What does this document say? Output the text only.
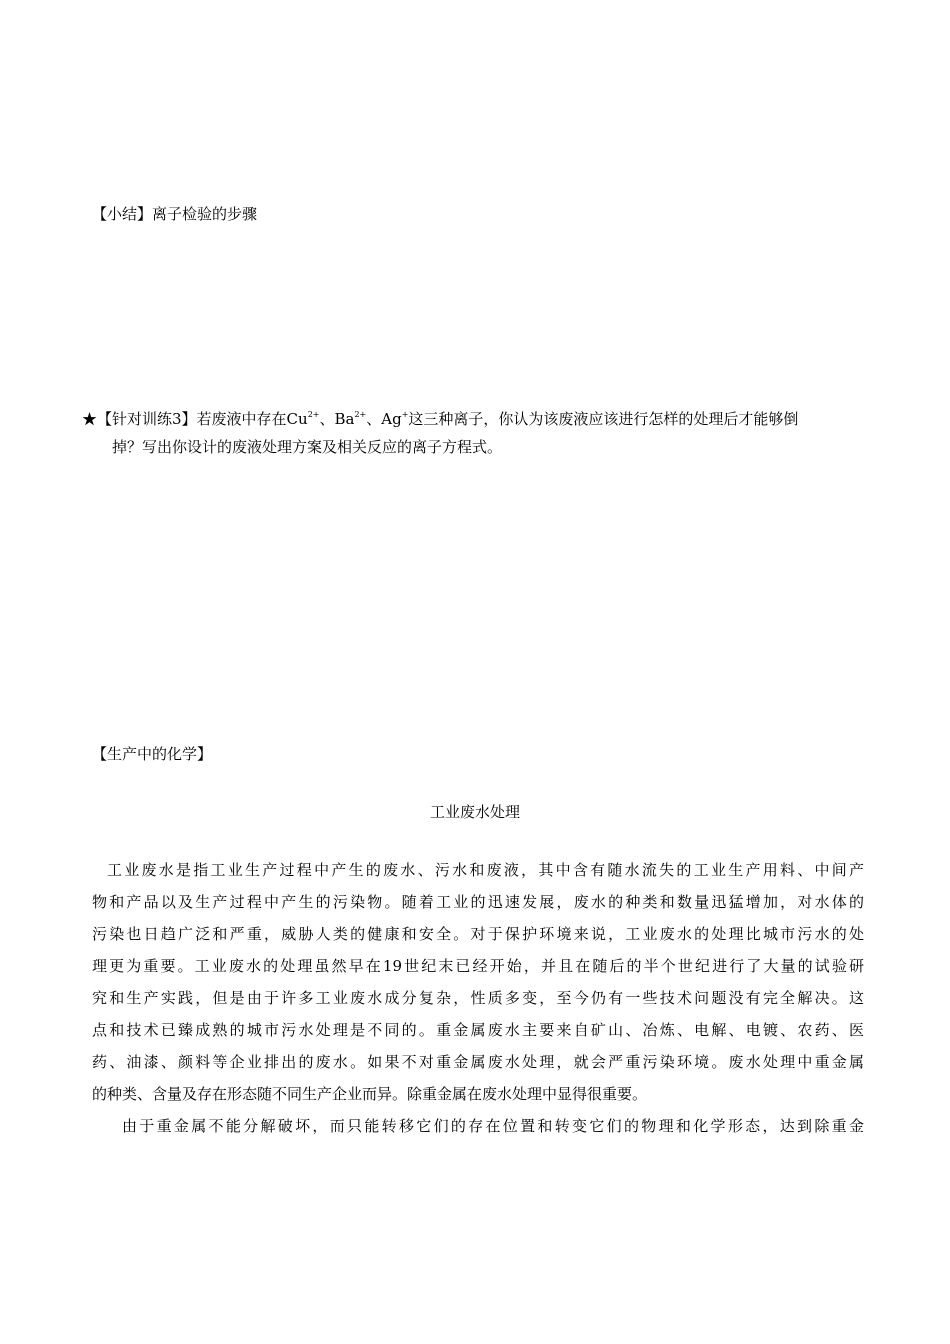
【小结】离子检验的步骤
★【针对训练3】若废液中存在$Cu^{2+}$、$Ba^{2+}$、Ag+这三种离子，你认为该废液应该进行怎样的处理后才能够倒
掉？写出你设计的废液处理方案及相关反应的离子方程式。
【生产中的化学】
工业废水处理
工业废水是指工业生产过程中产生的废水、污水和废液，其中含有随水流失的工业生产用料、中间产
物和产品以及生产过程中产生的污染物。随着工业的迅速发展，废水的种类和数量迅猛增加，对水体的
污染也日趋广泛和严重，威胁人类的健康和安全。对于保护环境来说，工业废水的处理比城市污水的处
理更为重要。工业废水的处理虽然早在19世纪末已经开始，并且在随后的半个世纪进行了大量的试验研
究和生产实践，但是由于许多工业废水成分复杂，性质多变，至今仍有一些技术问题没有完全解决。这
点和技术已臻成熟的城市污水处理是不同的。重金属废水主要来自矿山、冶炼、电解、电镀、农药、医
药、油漆、颜料等企业排出的废水。如果不对重金属废水处理，就会严重污染环境。废水处理中重金属
的种类、含量及存在形态随不同生产企业而异。除重金属在废水处理中显得很重要。
由于重金属不能分解破坏，而只能转移它们的存在位置和转变它们的物理和化学形态，达到除重金
